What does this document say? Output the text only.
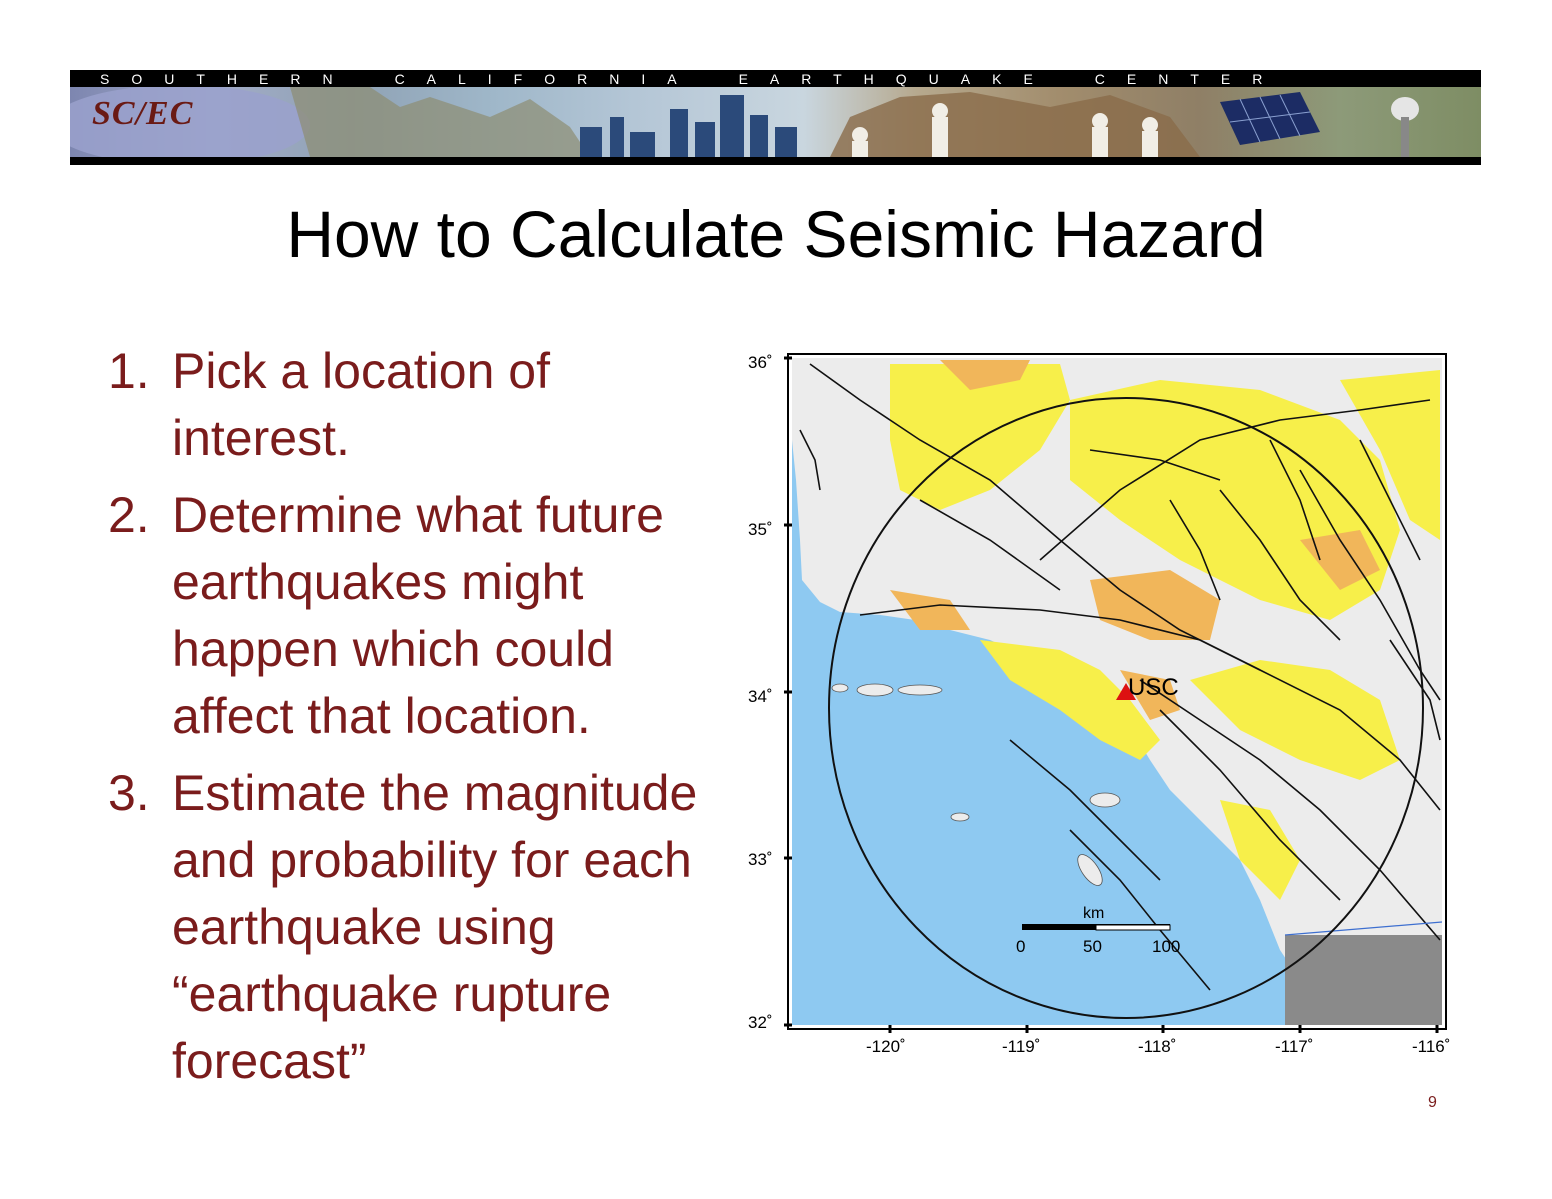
SOUTHERN	CALIFORNIA	EARTHQUAKE	CENTER
SC/EC
How to Calculate Seismic Hazard
1. Pick a location of interest.
2. Determine what future earthquakes might happen which could affect that location.
3. Estimate the magnitude and probability for each earthquake using “earthquake rupture forecast”
USC
km
0	50	100
36˚
35˚
34˚
33˚
32˚
-120˚	-119˚	-118˚	-117˚	-116˚
9
